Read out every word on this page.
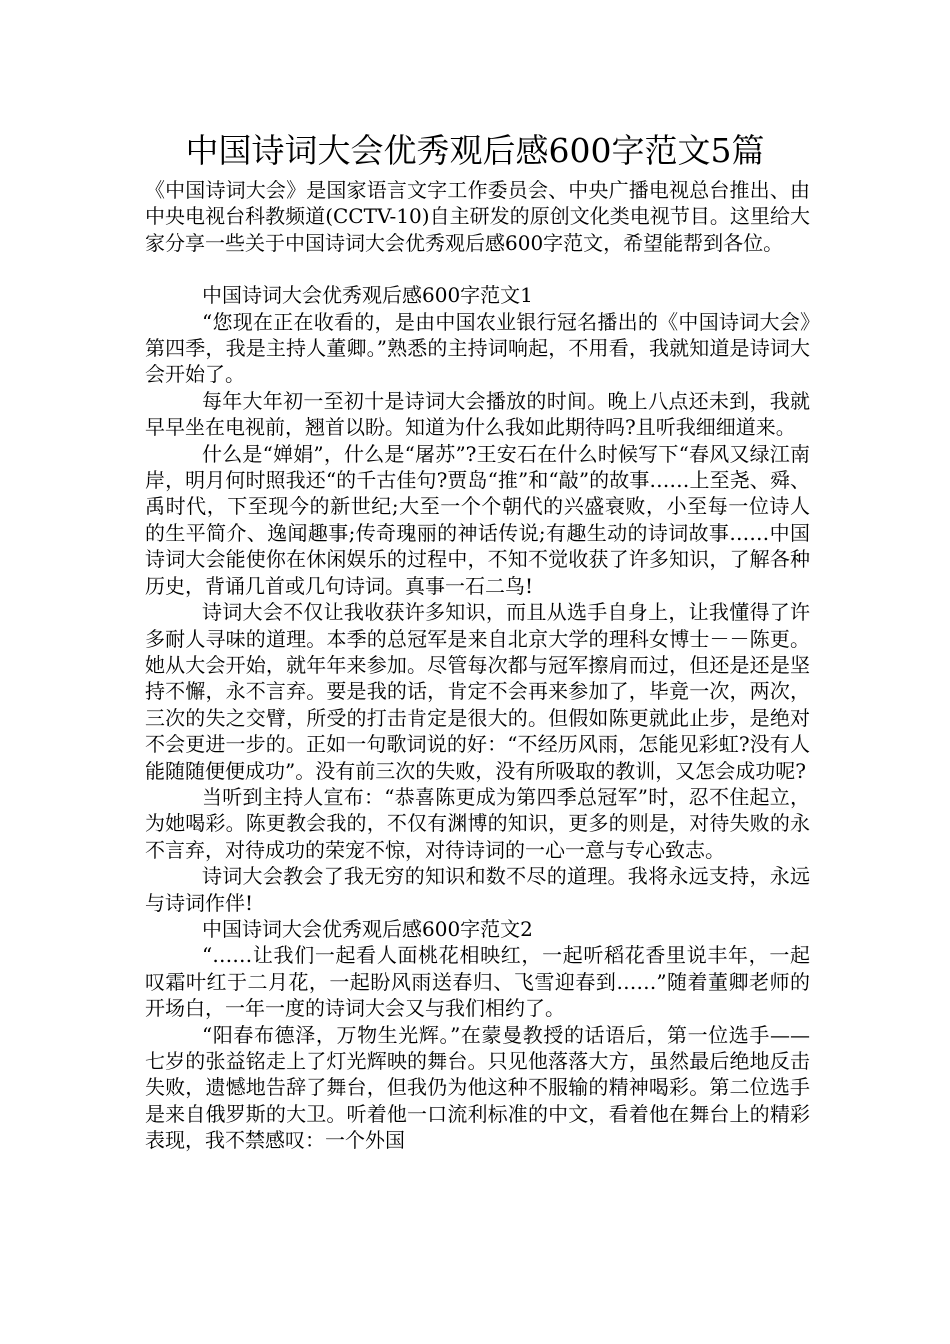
中国诗词大会优秀观后感600字范文5篇

《中国诗词大会》是国家语言文字工作委员会、中央广播电视总台推出、由中央电视台科教频道(CCTV-10)自主研发的原创文化类电视节目。这里给大家分享一些关于中国诗词大会优秀观后感600字范文，希望能帮到各位。

中国诗词大会优秀观后感600字范文1

“您现在正在收看的，是由中国农业银行冠名播出的《中国诗词大会》第四季，我是主持人董卿。”熟悉的主持词响起，不用看，我就知道是诗词大会开始了。

每年大年初一至初十是诗词大会播放的时间。晚上八点还未到，我就早早坐在电视前，翘首以盼。知道为什么我如此期待吗?且听我细细道来。

什么是“婵娟”，什么是“屠苏”?王安石在什么时候写下“春风又绿江南岸，明月何时照我还“的千古佳句?贾岛“推”和“敲”的故事……上至尧、舜、禹时代，下至现今的新世纪;大至一个个朝代的兴盛衰败，小至每一位诗人的生平简介、逸闻趣事;传奇瑰丽的神话传说;有趣生动的诗词故事……中国诗词大会能使你在休闲娱乐的过程中，不知不觉收获了许多知识，了解各种历史，背诵几首或几句诗词。真事一石二鸟!

诗词大会不仅让我收获许多知识，而且从选手自身上，让我懂得了许多耐人寻味的道理。本季的总冠军是来自北京大学的理科女博士－－陈更。她从大会开始，就年年来参加。尽管每次都与冠军擦肩而过，但还是还是坚持不懈，永不言弃。要是我的话，肯定不会再来参加了，毕竟一次，两次，三次的失之交臂，所受的打击肯定是很大的。但假如陈更就此止步，是绝对不会更进一步的。正如一句歌词说的好：“不经历风雨，怎能见彩虹?没有人能随随便便成功”。没有前三次的失败，没有所吸取的教训，又怎会成功呢?

当听到主持人宣布：“恭喜陈更成为第四季总冠军”时，忍不住起立，为她喝彩。陈更教会我的，不仅有渊博的知识，更多的则是，对待失败的永不言弃，对待成功的荣宠不惊，对待诗词的一心一意与专心致志。

诗词大会教会了我无穷的知识和数不尽的道理。我将永远支持，永远与诗词作伴!

中国诗词大会优秀观后感600字范文2

“……让我们一起看人面桃花相映红，一起听稻花香里说丰年，一起叹霜叶红于二月花，一起盼风雨送春归、飞雪迎春到……”随着董卿老师的开场白，一年一度的诗词大会又与我们相约了。

“阳春布德泽，万物生光辉。”在蒙曼教授的话语后，第一位选手——七岁的张益铭走上了灯光辉映的舞台。只见他落落大方，虽然最后绝地反击失败，遗憾地告辞了舞台，但我仍为他这种不服输的精神喝彩。第二位选手是来自俄罗斯的大卫。听着他一口流利标准的中文，看着他在舞台上的精彩表现，我不禁感叹：一个外国
